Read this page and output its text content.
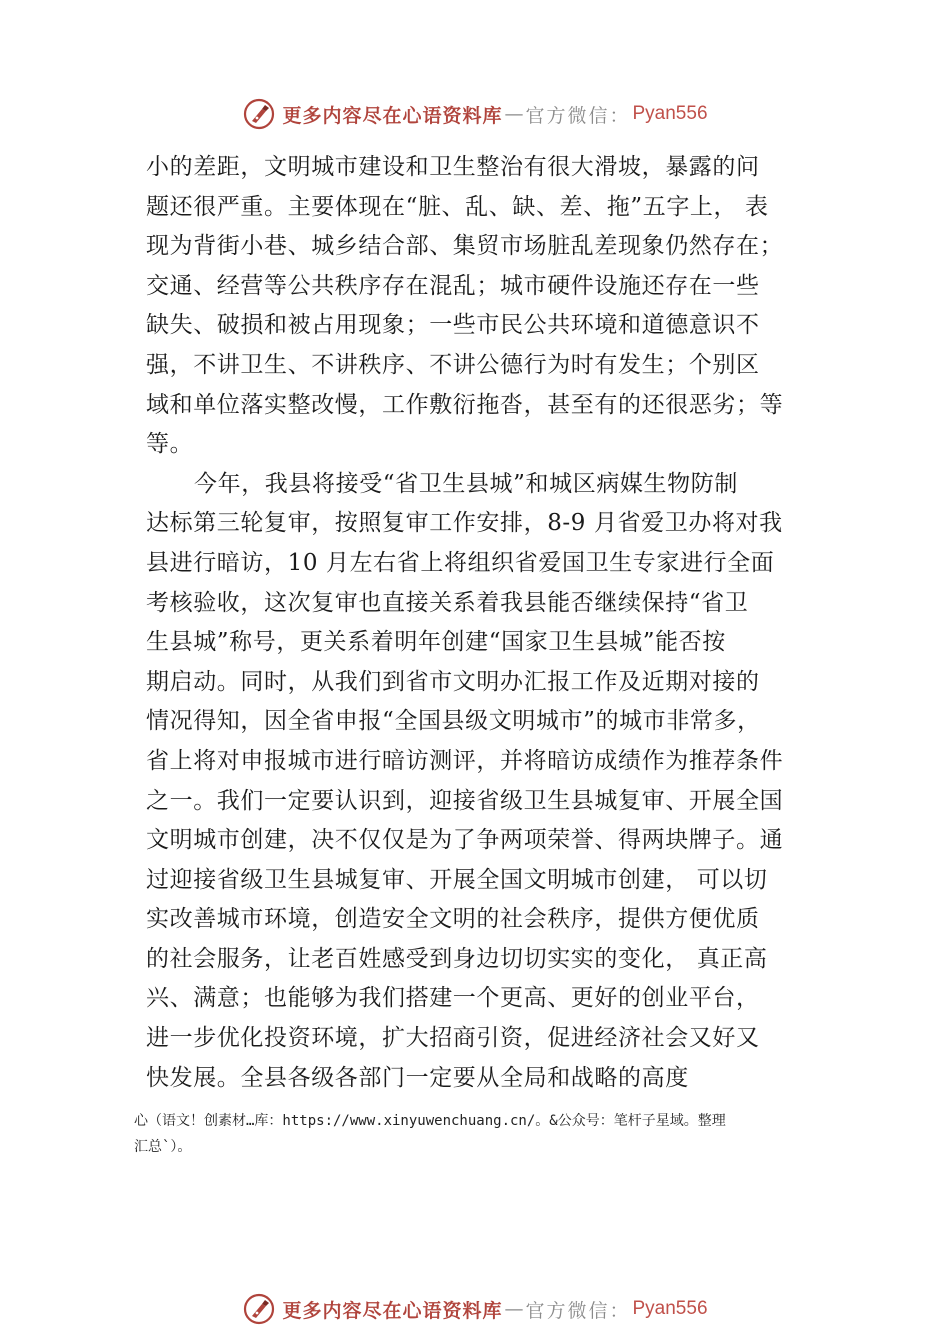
更多内容尽在心语资料库 — 官方微信： Pyan556
小的差距，文明城市建设和卫生整治有很大滑坡，暴露的问
题还很严重。主要体现在“脏、乱、缺、差、拖”五字上， 表
现为背街小巷、城乡结合部、集贸市场脏乱差现象仍然存在；
交通、经营等公共秩序存在混乱；城市硬件设施还存在一些
缺失、破损和被占用现象；一些市民公共环境和道德意识不
强，不讲卫生、不讲秩序、不讲公德行为时有发生；个别区
域和单位落实整改慢，工作敷衍拖沓，甚至有的还很恶劣；等
等。
今年，我县将接受“省卫生县城”和城区病媒生物防制
达标第三轮复审，按照复审工作安排，8-9 月省爱卫办将对我
县进行暗访，10 月左右省上将组织省爱国卫生专家进行全面
考核验收，这次复审也直接关系着我县能否继续保持“省卫
生县城”称号，更关系着明年创建“国家卫生县城”能否按
期启动。同时，从我们到省市文明办汇报工作及近期对接的
情况得知，因全省申报“全国县级文明城市”的城市非常多，
省上将对申报城市进行暗访测评，并将暗访成绩作为推荐条件
之一。我们一定要认识到，迎接省级卫生县城复审、开展全国
文明城市创建，决不仅仅是为了争两项荣誉、得两块牌子。通
过迎接省级卫生县城复审、开展全国文明城市创建， 可以切
实改善城市环境，创造安全文明的社会秩序，提供方便优质
的社会服务，让老百姓感受到身边切切实实的变化， 真正高
兴、满意；也能够为我们搭建一个更高、更好的创业平台，
进一步优化投资环境，扩大招商引资，促进经济社会又好又
快发展。全县各级各部门一定要从全局和战略的高度
心（语文！创素材…库：https://www.xinyuwenchuang.cn/。&公众号：笔杆子星域。整理
汇总`）。
更多内容尽在心语资料库 — 官方微信： Pyan556
